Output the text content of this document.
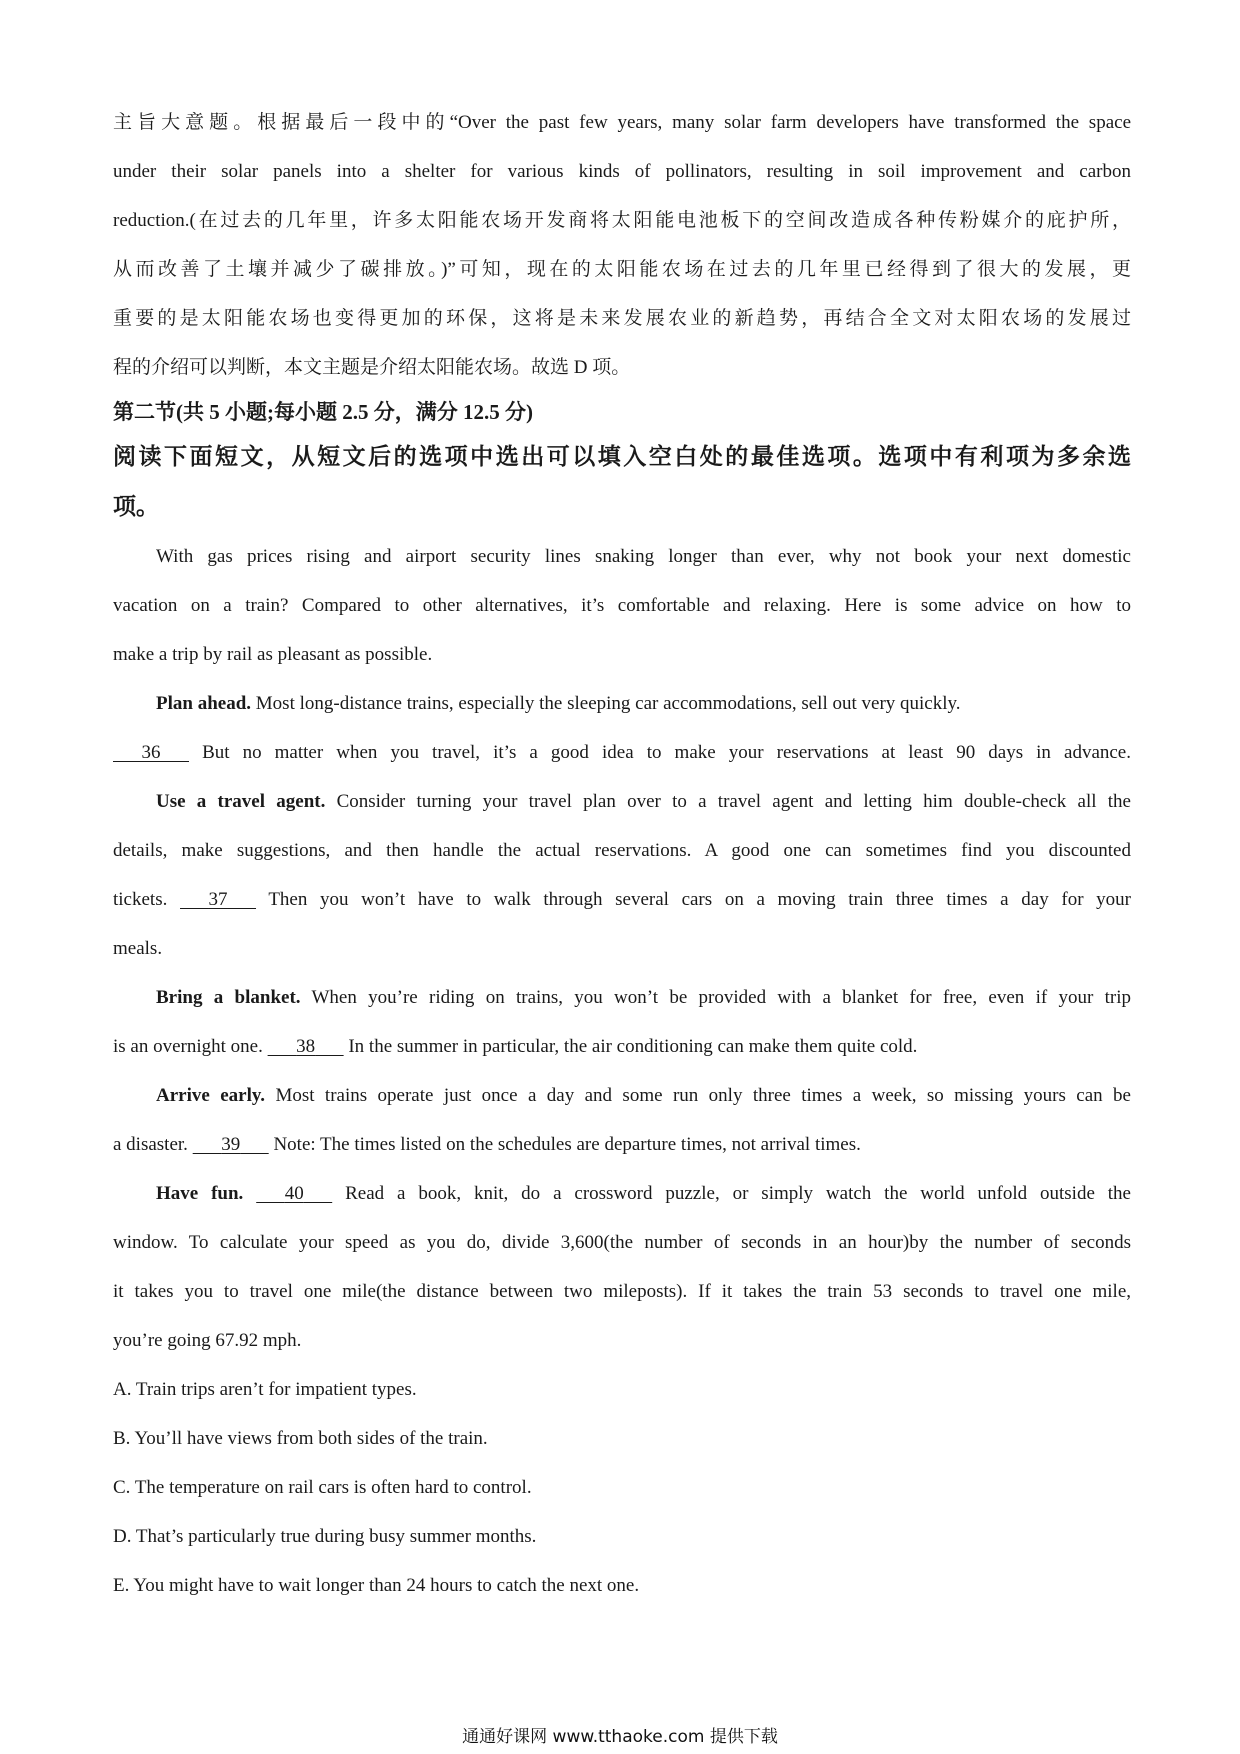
主旨大意题。根据最后一段中的“Over the past few years, many solar farm developers have transformed the space
under their solar panels into a shelter for various kinds of pollinators, resulting in soil improvement and carbon
reduction.(在过去的几年里，许多太阳能农场开发商将太阳能电池板下的空间改造成各种传粉媒介的庇护所，
从而改善了土壤并减少了碳排放。)”可知，现在的太阳能农场在过去的几年里已经得到了很大的发展，更
重要的是太阳能农场也变得更加的环保，这将是未来发展农业的新趋势，再结合全文对太阳农场的发展过
程的介绍可以判断，本文主题是介绍太阳能农场。故选 D 项。
第二节(共 5 小题;每小题 2.5 分，满分 12.5 分)
阅读下面短文，从短文后的选项中选出可以填入空白处的最佳选项。选项中有利项为多余选
项。
With gas prices rising and airport security lines snaking longer than ever, why not book your next domestic
vacation on a train? Compared to other alternatives, it’s comfortable and relaxing. Here is some advice on how to
make a trip by rail as pleasant as possible.
Plan ahead. Most long-distance trains, especially the sleeping car accommodations, sell out very quickly.
36       But no matter when you travel, it’s a good idea to make your reservations at least 90 days in advance.
Use a travel agent. Consider turning your travel plan over to a travel agent and letting him double-check all the
details, make suggestions, and then handle the actual reservations. A good one can sometimes find you discounted
tickets.       37       Then you won’t have to walk through several cars on a moving train three times a day for your
meals.
Bring a blanket. When you’re riding on trains, you won’t be provided with a blanket for free, even if your trip
is an overnight one.       38       In the summer in particular, the air conditioning can make them quite cold.
Arrive early. Most trains operate just once a day and some run only three times a week, so missing yours can be
a disaster.       39       Note: The times listed on the schedules are departure times, not arrival times.
Have fun. 40       Read a book, knit, do a crossword puzzle, or simply watch the world unfold outside the
window. To calculate your speed as you do, divide 3,600(the number of seconds in an hour)by the number of seconds
it takes you to travel one mile(the distance between two mileposts). If it takes the train 53 seconds to travel one mile,
you’re going 67.92 mph.
A. Train trips aren’t for impatient types.
B. You’ll have views from both sides of the train.
C. The temperature on rail cars is often hard to control.
D. That’s particularly true during busy summer months.
E. You might have to wait longer than 24 hours to catch the next one.
通通好课网 www.tthaoke.com 提供下载
